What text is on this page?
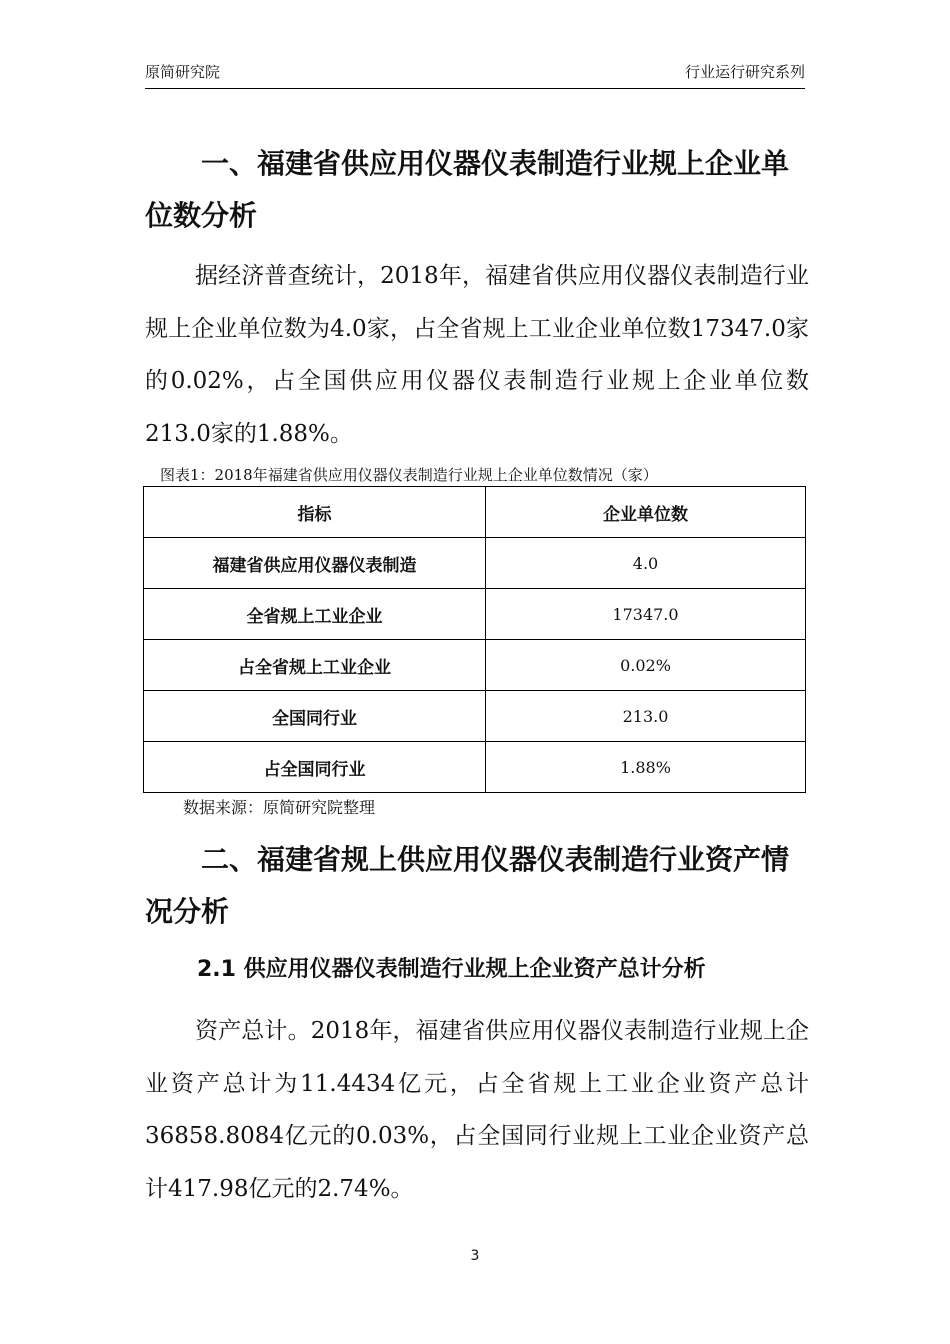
原简研究院	行业运行研究系列

一、福建省供应用仪器仪表制造行业规上企业单位数分析

据经济普查统计，2018年，福建省供应用仪器仪表制造行业规上企业单位数为4.0家，占全省规上工业企业单位数17347.0家的0.02%，占全国供应用仪器仪表制造行业规上企业单位数213.0家的1.88%。

图表1：2018年福建省供应用仪器仪表制造行业规上企业单位数情况（家）
指标	企业单位数
福建省供应用仪器仪表制造	4.0
全省规上工业企业	17347.0
占全省规上工业企业	0.02%
全国同行业	213.0
占全国同行业	1.88%
数据来源：原简研究院整理

二、福建省规上供应用仪器仪表制造行业资产情况分析

2.1 供应用仪器仪表制造行业规上企业资产总计分析

资产总计。2018年，福建省供应用仪器仪表制造行业规上企业资产总计为11.4434亿元，占全省规上工业企业资产总计36858.8084亿元的0.03%，占全国同行业规上工业企业资产总计417.98亿元的2.74%。

3
